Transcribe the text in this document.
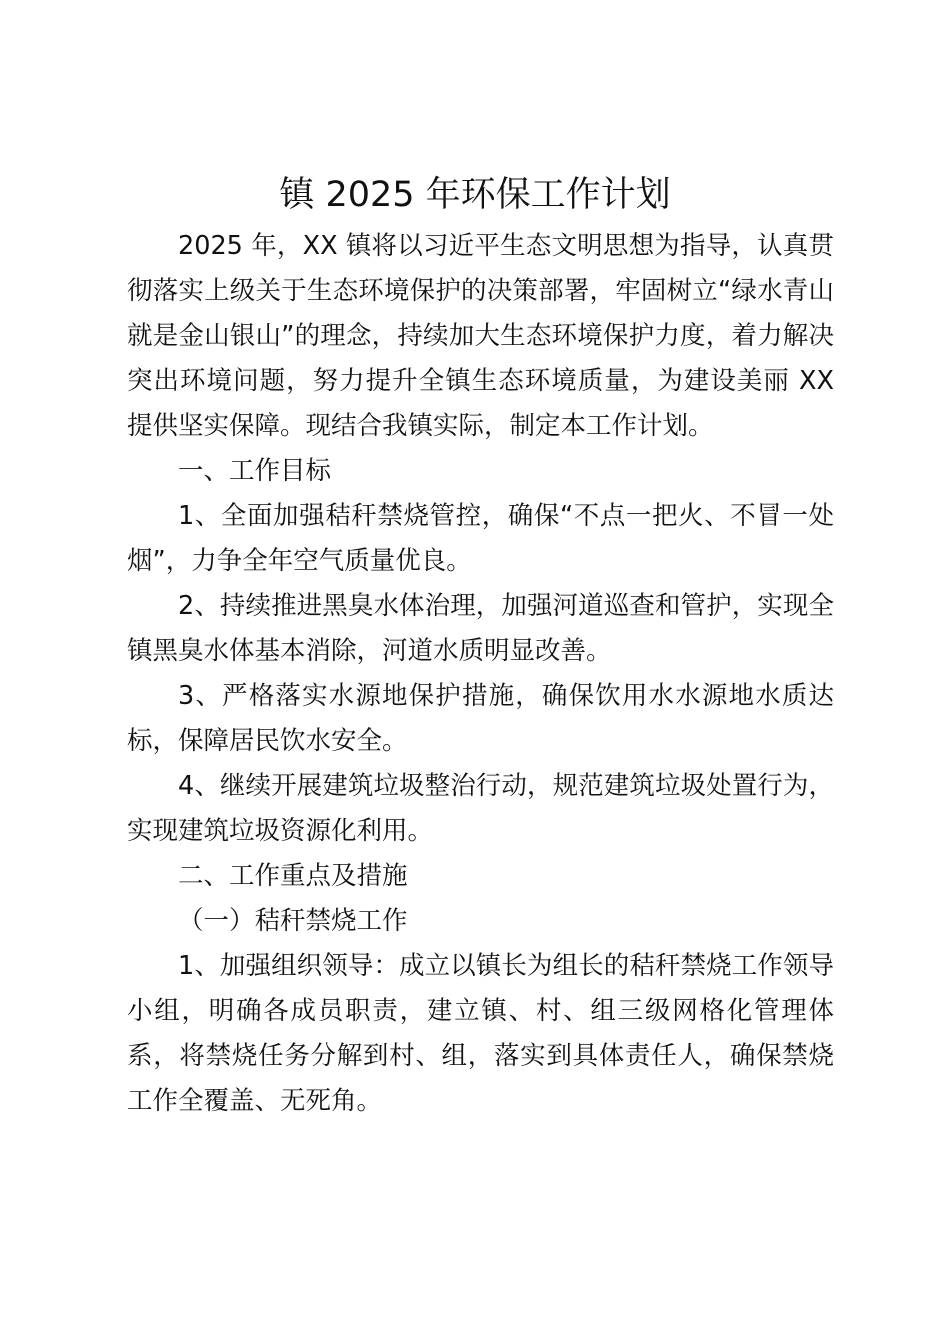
镇 2025 年环保工作计划

2025 年，XX 镇将以习近平生态文明思想为指导，认真贯彻落实上级关于生态环境保护的决策部署，牢固树立“绿水青山就是金山银山”的理念，持续加大生态环境保护力度，着力解决突出环境问题，努力提升全镇生态环境质量，为建设美丽 XX 提供坚实保障。现结合我镇实际，制定本工作计划。

一、工作目标

1、全面加强秸秆禁烧管控，确保“不点一把火、不冒一处烟”，力争全年空气质量优良。

2、持续推进黑臭水体治理，加强河道巡查和管护，实现全镇黑臭水体基本消除，河道水质明显改善。

3、严格落实水源地保护措施，确保饮用水水源地水质达标，保障居民饮水安全。

4、继续开展建筑垃圾整治行动，规范建筑垃圾处置行为，实现建筑垃圾资源化利用。

二、工作重点及措施

（一）秸秆禁烧工作

1、加强组织领导：成立以镇长为组长的秸秆禁烧工作领导小组，明确各成员职责，建立镇、村、组三级网格化管理体系，将禁烧任务分解到村、组，落实到具体责任人，确保禁烧工作全覆盖、无死角。
